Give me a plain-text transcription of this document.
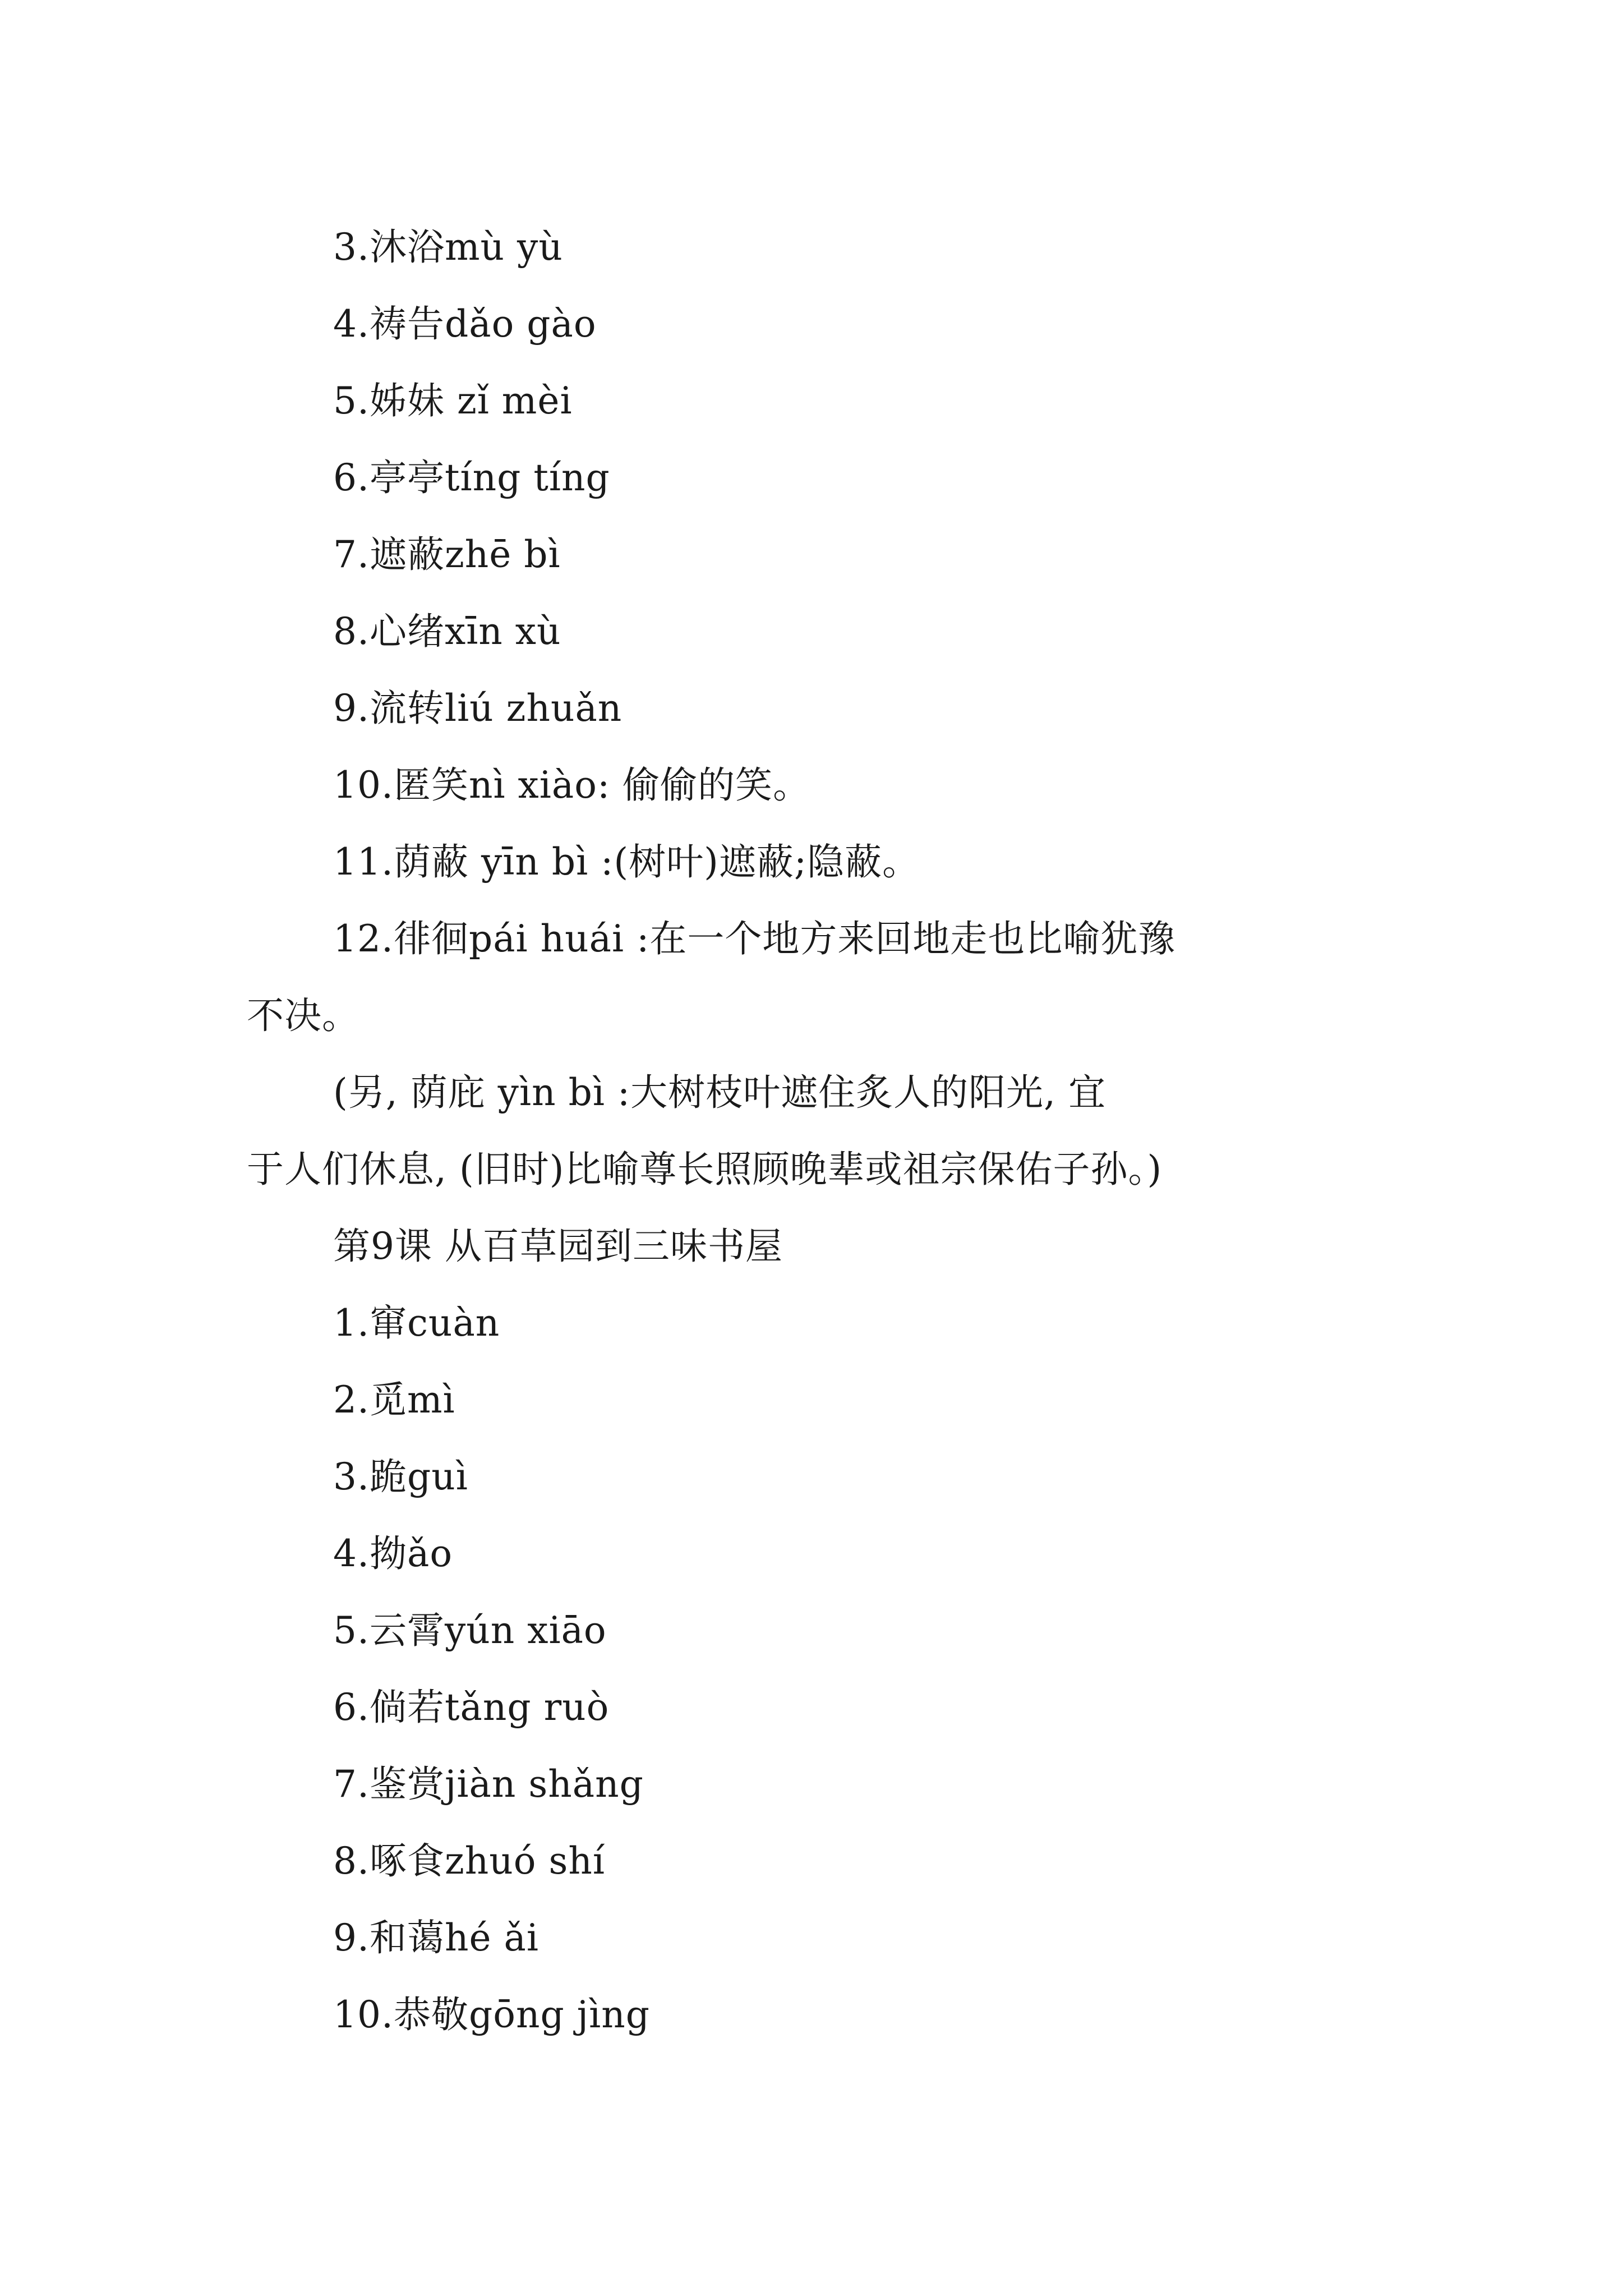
3.沐浴mù yù
4.祷告dǎo gào
5.姊妹 zǐ mèi
6.亭亭tíng tíng
7.遮蔽zhē bì
8.心绪xīn xù
9.流转liú zhuǎn
10.匿笑nì xiào: 偷偷的笑。
11.荫蔽 yīn bì :(树叶)遮蔽;隐蔽。
12.徘徊pái huái :在一个地方来回地走也比喻犹豫
不决。
(另, 荫庇 yìn bì :大树枝叶遮住炙人的阳光, 宜
于人们休息, (旧时)比喻尊长照顾晚辈或祖宗保佑子孙。)
第9课 从百草园到三味书屋
1.窜cuàn
2.觅mì
3.跪guì
4.拗ǎo
5.云霄yún xiāo
6.倘若tǎng ruò
7.鉴赏jiàn shǎng
8.啄食zhuó shí
9.和蔼hé ǎi
10.恭敬gōng jìng
